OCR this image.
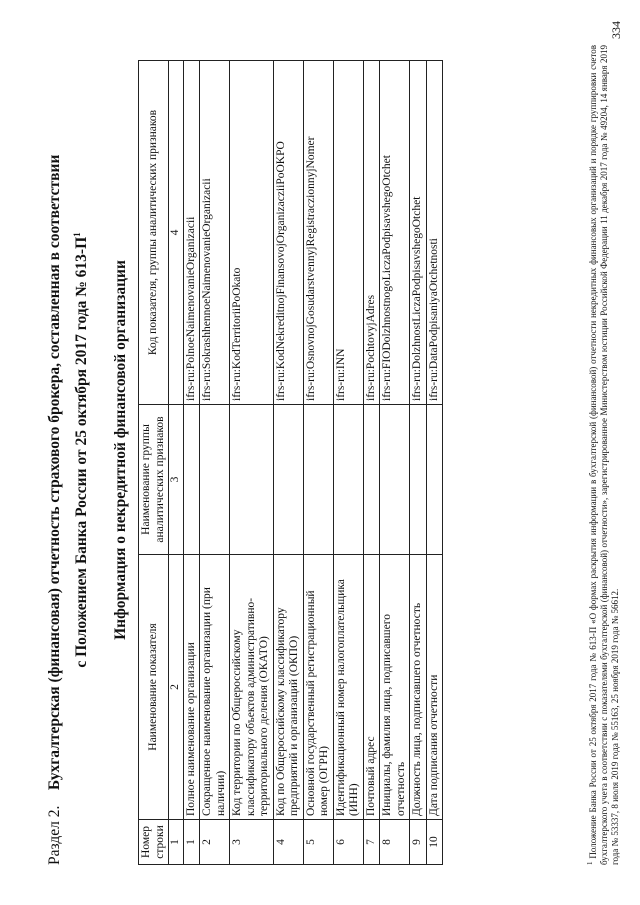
Раздел 2.    Бухгалтерская (финансовая) отчетность страхового брокера, составленная в соответствии с Положением Банка России от 25 октября 2017 года № $613-П^1$
Информация о некредитной финансовой организации
Номер строки	Наименование показателя	Наименование группы аналитических признаков	Код показателя, группы аналитических признаков
1	2	3	4
1	Полное наименование организации		ifrs-ru:PolnoeNaimenovanieOrganizacii
2	Сокращенное наименование организации (при наличии)		ifrs-ru:SokrashhennoeNaimenovanieOrganizacii
3	Код территории по Общероссийскому классификатору объектов административно-территориального деления (ОКАТО)		ifrs-ru:KodTerritoriiPoOkato
4	Код по Общероссийскому классификатору предприятий и организаций (ОКПО)		ifrs-ru:KodNekreditnojFinansovojOrganizacziiPoOKPO
5	Основной государственный регистрационный номер (ОГРН)		ifrs-ru:OsnovnojGosudarstvennyjRegistraczionnyjNomer
6	Идентификационный номер налогоплательщика (ИНН)		ifrs-ru:INN
7	Почтовый адрес		ifrs-ru:PochtovyjAdres
8	Инициалы, фамилия лица, подписавшего отчетность		ifrs-ru:FIODolzhnostnogoLiczaPodpisavshegoOtchet
9	Должность лица, подписавшего отчетность		ifrs-ru:DolzhnostLiczaPodpisavshegoOtchet
10	Дата подписания отчетности		ifrs-ru:DataPodpisaniyaOtchetnosti
$^1$ Положение Банка России от 25 октября 2017 года № 613-П «О формах раскрытия информации в бухгалтерской (финансовой) отчетности некредитных финансовых организаций и порядке группировки счетов бухгалтерского учета в соответствии с показателями бухгалтерской (финансовой) отчетности», зарегистрированное Министерством юстиции Российской Федерации 11 декабря 2017 года № 49204, 14 января 2019 года № 53337, 8 июля 2019 года № 55163, 25 ноября 2019 года № 56612.
334
